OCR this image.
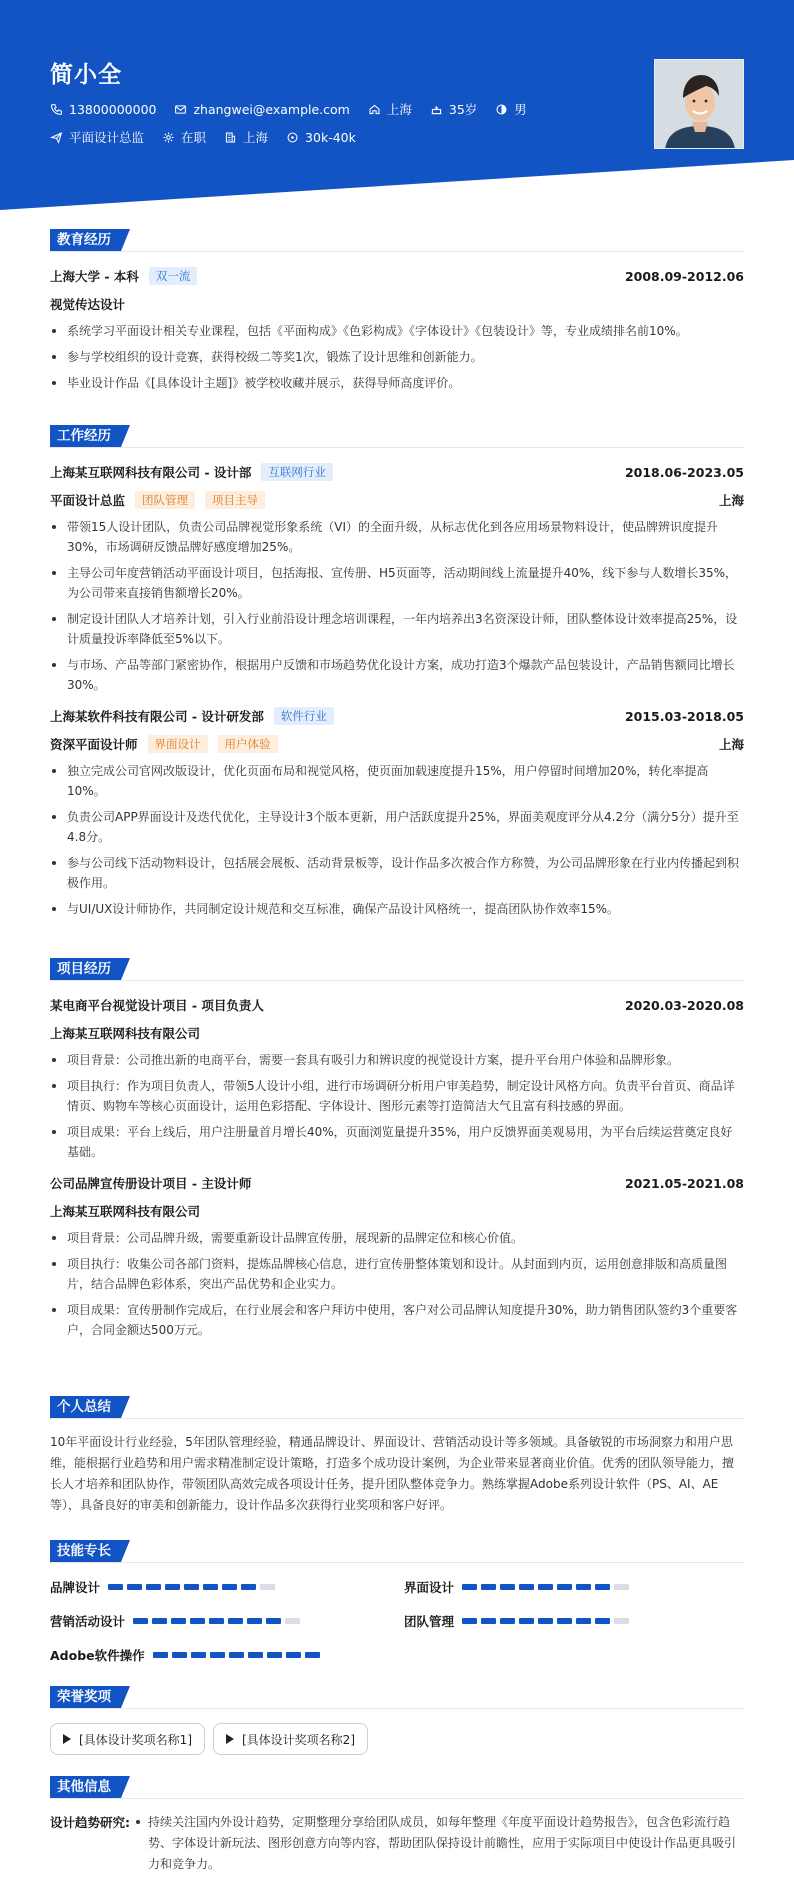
简小全
13800000000	zhangwei@example.com	上海	35岁	男
平面设计总监	在职	上海	30k-40k
教育经历
上海大学 - 本科	双一流	2008.09-2012.06
视觉传达设计
系统学习平面设计相关专业课程，包括《平面构成》《色彩构成》《字体设计》《包装设计》等，专业成绩排名前10%。
参与学校组织的设计竞赛，获得校级二等奖1次，锻炼了设计思维和创新能力。
毕业设计作品《[具体设计主题]》被学校收藏并展示，获得导师高度评价。
工作经历
上海某互联网科技有限公司 - 设计部	互联网行业	2018.06-2023.05
平面设计总监	团队管理	项目主导	上海
带领15人设计团队，负责公司品牌视觉形象系统（VI）的全面升级，从标志优化到各应用场景物料设计，使品牌辨识度提升30%，市场调研反馈品牌好感度增加25%。
主导公司年度营销活动平面设计项目，包括海报、宣传册、H5页面等，活动期间线上流量提升40%，线下参与人数增长35%，为公司带来直接销售额增长20%。
制定设计团队人才培养计划，引入行业前沿设计理念培训课程，一年内培养出3名资深设计师，团队整体设计效率提高25%，设计质量投诉率降低至5%以下。
与市场、产品等部门紧密协作，根据用户反馈和市场趋势优化设计方案，成功打造3个爆款产品包装设计，产品销售额同比增长30%。
上海某软件科技有限公司 - 设计研发部	软件行业	2015.03-2018.05
资深平面设计师	界面设计	用户体验	上海
独立完成公司官网改版设计，优化页面布局和视觉风格，使页面加载速度提升15%，用户停留时间增加20%，转化率提高10%。
负责公司APP界面设计及迭代优化，主导设计3个版本更新，用户活跃度提升25%，界面美观度评分从4.2分（满分5分）提升至4.8分。
参与公司线下活动物料设计，包括展会展板、活动背景板等，设计作品多次被合作方称赞，为公司品牌形象在行业内传播起到积极作用。
与UI/UX设计师协作，共同制定设计规范和交互标准，确保产品设计风格统一，提高团队协作效率15%。
项目经历
某电商平台视觉设计项目 - 项目负责人	2020.03-2020.08
上海某互联网科技有限公司
项目背景：公司推出新的电商平台，需要一套具有吸引力和辨识度的视觉设计方案，提升平台用户体验和品牌形象。
项目执行：作为项目负责人，带领5人设计小组，进行市场调研分析用户审美趋势，制定设计风格方向。负责平台首页、商品详情页、购物车等核心页面设计，运用色彩搭配、字体设计、图形元素等打造简洁大气且富有科技感的界面。
项目成果：平台上线后，用户注册量首月增长40%，页面浏览量提升35%，用户反馈界面美观易用，为平台后续运营奠定良好基础。
公司品牌宣传册设计项目 - 主设计师	2021.05-2021.08
上海某互联网科技有限公司
项目背景：公司品牌升级，需要重新设计品牌宣传册，展现新的品牌定位和核心价值。
项目执行：收集公司各部门资料，提炼品牌核心信息，进行宣传册整体策划和设计。从封面到内页，运用创意排版和高质量图片，结合品牌色彩体系，突出产品优势和企业实力。
项目成果：宣传册制作完成后，在行业展会和客户拜访中使用，客户对公司品牌认知度提升30%，助力销售团队签约3个重要客户，合同金额达500万元。
个人总结
10年平面设计行业经验，5年团队管理经验，精通品牌设计、界面设计、营销活动设计等多领域。具备敏锐的市场洞察力和用户思维，能根据行业趋势和用户需求精准制定设计策略，打造多个成功设计案例，为企业带来显著商业价值。优秀的团队领导能力，擅长人才培养和团队协作，带领团队高效完成各项设计任务，提升团队整体竞争力。熟练掌握Adobe系列设计软件（PS、AI、AE等），具备良好的审美和创新能力，设计作品多次获得行业奖项和客户好评。
技能专长
品牌设计	界面设计
营销活动设计	团队管理
Adobe软件操作
荣誉奖项
[具体设计奖项名称1]	[具体设计奖项名称2]
其他信息
设计趋势研究:	持续关注国内外设计趋势，定期整理分享给团队成员，如每年整理《年度平面设计趋势报告》，包含色彩流行趋势、字体设计新玩法、图形创意方向等内容，帮助团队保持设计前瞻性，应用于实际项目中使设计作品更具吸引力和竞争力。
